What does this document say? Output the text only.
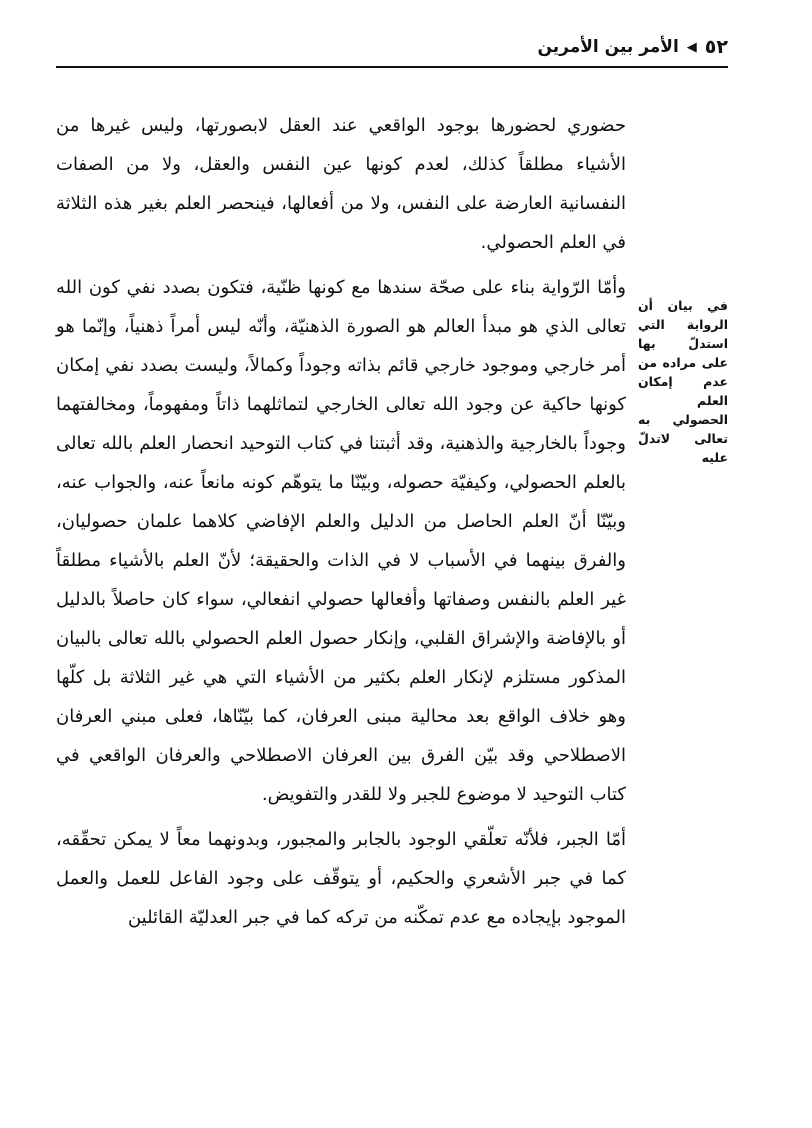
٥٢
◀
الأمر بين الأمرين

حضوري لحضورها بوجود الواقعي عند العقل لابصورتها، وليس غيرها من الأشياء مطلقاً كذلك، لعدم كونها عين النفس والعقل، ولا من الصفات النفسانية العارضة على النفس، ولا من أفعالها، فينحصر العلم بغير هذه الثلاثة في العلم الحصولي.

وأمّا الرّواية بناء على صحّة سندها مع كونها ظنّية، فتكون بصدد نفي كون الله تعالى الذي هو مبدأ العالم هو الصورة الذهنيّة، وأنّه ليس أمراً ذهنياً، وإنّما هو أمر خارجي وموجود خارجي قائم بذاته وجوداً وكمالاً، وليست بصدد نفي إمكان كونها حاكية عن وجود الله تعالى الخارجي لتماثلهما ذاتاً ومفهوماً، ومخالفتهما وجوداً بالخارجية والذهنية، وقد أثبتنا في كتاب التوحيد انحصار العلم بالله تعالى بالعلم الحصولي، وكيفيّة حصوله، وبيّنّا ما يتوهّم كونه مانعاً عنه، والجواب عنه، وبيّنّا أنّ العلم الحاصل من الدليل والعلم الإفاضي كلاهما علمان حصوليان، والفرق بينهما في الأسباب لا في الذات والحقيقة؛ لأنّ العلم بالأشياء مطلقاً غير العلم بالنفس وصفاتها وأفعالها حصولي انفعالي، سواء كان حاصلاً بالدليل أو بالإفاضة والإشراق القلبي، وإنكار حصول العلم الحصولي بالله تعالى بالبيان المذكور مستلزم لإنكار العلم بكثير من الأشياء التي هي غير الثلاثة بل كلّها وهو خلاف الواقع بعد محالية مبنى العرفان، كما بيّنّاها، فعلى مبني العرفان الاصطلاحي وقد بيّن الفرق بين العرفان الاصطلاحي والعرفان الواقعي في كتاب التوحيد لا موضوع للجبر ولا للقدر والتفويض.

أمّا الجبر، فلأنّه تعلّقي الوجود بالجابر والمجبور، وبدونهما معاً لا يمكن تحقّقه، كما في جبر الأشعري والحكيم، أو يتوقّف على وجود الفاعل للعمل والعمل الموجود بإيجاده مع عدم تمكّنه من تركه كما في جبر العدليّة القائلين

في بيان أن الرواية التي استدلّ بها على مراده من عدم إمكان العلم الحصولي به تعالى لاتدلّ عليه
